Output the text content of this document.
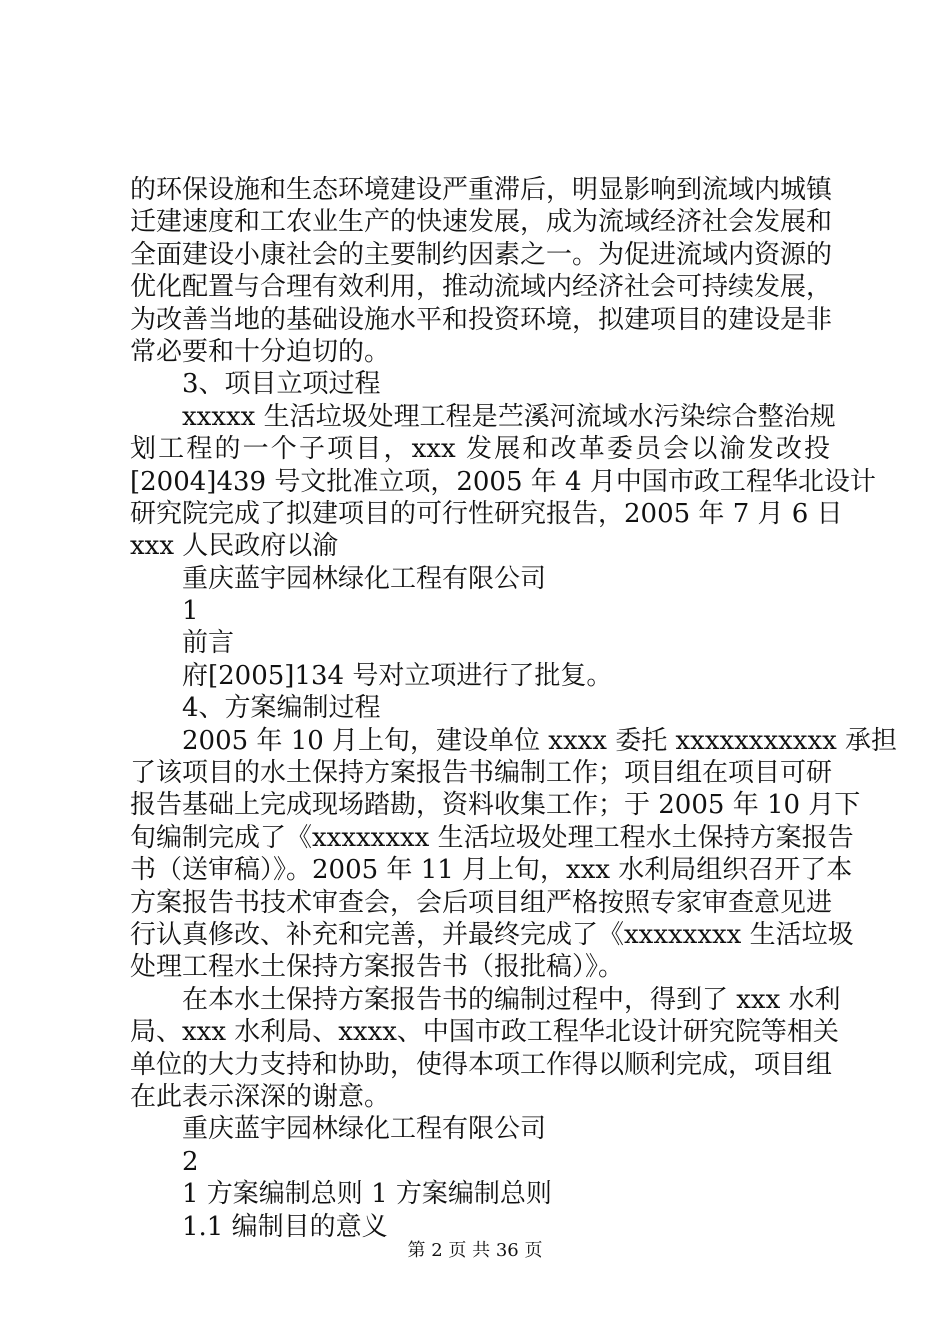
的环保设施和生态环境建设严重滞后，明显影响到流域内城镇
迁建速度和工农业生产的快速发展，成为流域经济社会发展和
全面建设小康社会的主要制约因素之一。为促进流域内资源的
优化配置与合理有效利用，推动流域内经济社会可持续发展，
为改善当地的基础设施水平和投资环境，拟建项目的建设是非
常必要和十分迫切的。
3、项目立项过程
xxxxx 生活垃圾处理工程是苎溪河流域水污染综合整治规
划工程的一个子项目，xxx 发展和改革委员会以渝发改投
[2004]439 号文批准立项，2005 年 4 月中国市政工程华北设计
研究院完成了拟建项目的可行性研究报告，2005 年 7 月 6 日
xxx 人民政府以渝
重庆蓝宇园林绿化工程有限公司
1
前言
府[2005]134 号对立项进行了批复。
4、方案编制过程
2005 年 10 月上旬，建设单位 xxxx 委托 xxxxxxxxxxx 承担
了该项目的水土保持方案报告书编制工作；项目组在项目可研
报告基础上完成现场踏勘，资料收集工作；于 2005 年 10 月下
旬编制完成了《xxxxxxxx 生活垃圾处理工程水土保持方案报告
书（送审稿）》。2005 年 11 月上旬，xxx 水利局组织召开了本
方案报告书技术审查会，会后项目组严格按照专家审查意见进
行认真修改、补充和完善，并最终完成了《xxxxxxxx 生活垃圾
处理工程水土保持方案报告书（报批稿）》。
在本水土保持方案报告书的编制过程中，得到了 xxx 水利
局、xxx 水利局、xxxx、中国市政工程华北设计研究院等相关
单位的大力支持和协助，使得本项工作得以顺利完成，项目组
在此表示深深的谢意。
重庆蓝宇园林绿化工程有限公司
2
1 方案编制总则 1 方案编制总则
1.1 编制目的意义
第 2 页 共 36 页
